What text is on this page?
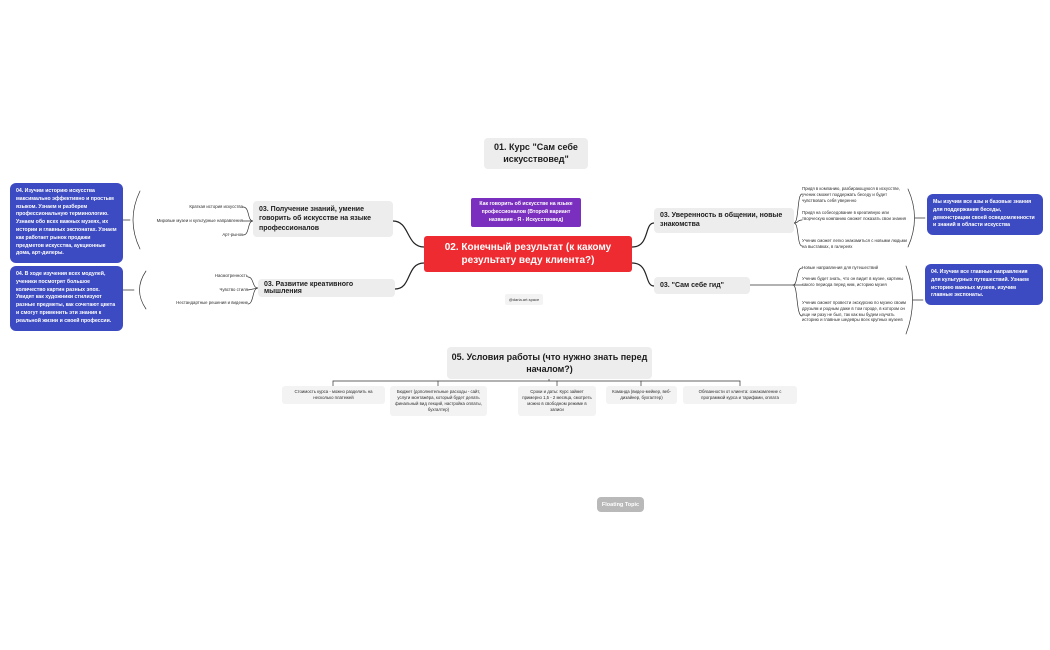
01. Курс "Сам себе искусствовед"
Как говорить об искусстве на языке профессионалов (Второй вариант названия - Я - Искусствовед)
02. Конечный результат (к какому результату веду клиента?)
@daria.art.space
03. Получение знаний, умение говорить об искусстве на языке профессионалов
Краткая история искусства
Мировые музеи и культурные направления
Арт-рынок
04. Изучим историю искусства максимально эффективно и простым языком. Узнаем и разберем профессиональную терминологию. Узнаем обо всех важных музеях, их истории и главных экспонатах. Узнаем как работает рынок продажи предметов искусства, аукционные дома, арт-дилеры.
03. Развитие креативного мышления
Насмотренность
Чувство стиля
Нестандартные решения и видение
04. В ходе изучения всех модулей, ученики посмотрят большое количество картин разных эпох. Увидят как художники стилизуют разные предметы, как сочетают цвета и смогут применить эти знания к реальной жизни и своей профессии.
03. Уверенность в общении, новые знакомства
Придя в компанию, разбирающуюся в искусстве, ученик сможет поддержать беседу и будет чувствовать себя уверенно
Придя на собеседование в креативную или творческую компанию сможет показать свои знания
Ученик сможет легко знакомиться с новыми людьми на выставках, в галереях
Мы изучим все азы и базовые знания для поддержания беседы, демонстрации своей осведомленности и знаний в области искусства
03. "Сам себе гид"
Новые направления для путешествий
Ученик будет знать, что он видит в музее, картины какого периода перед ним, историю музея
Ученик сможет провести экскурсию по музею своим друзьям и родным даже в том городе, в котором он еще ни разу не был, так как мы будем изучать историю и главные шедевры всех крупных музеев
04. Изучим все главные направления для культурных путешествий. Узнаем историю важных музеев, изучим главные экспонаты.
05. Условия работы (что нужно знать перед началом?)
Стоимость курса - можно разделить на несколько платежей
Бюджет (дополнительные расходы - сайт, услуги монтажёра, который будет делать финальный вид лекций, настройка оплаты, бухгалтер)
Сроки и даты: Курс займет примерно 1,5 - 2 месяца, смотреть можно в свободном режиме в записи
Команда (видео-мейкер, веб-дизайнер, бухгалтер)
Обязанности от клиента: ознакомление с программой курса и тарифами, оплата
Floating Topic
